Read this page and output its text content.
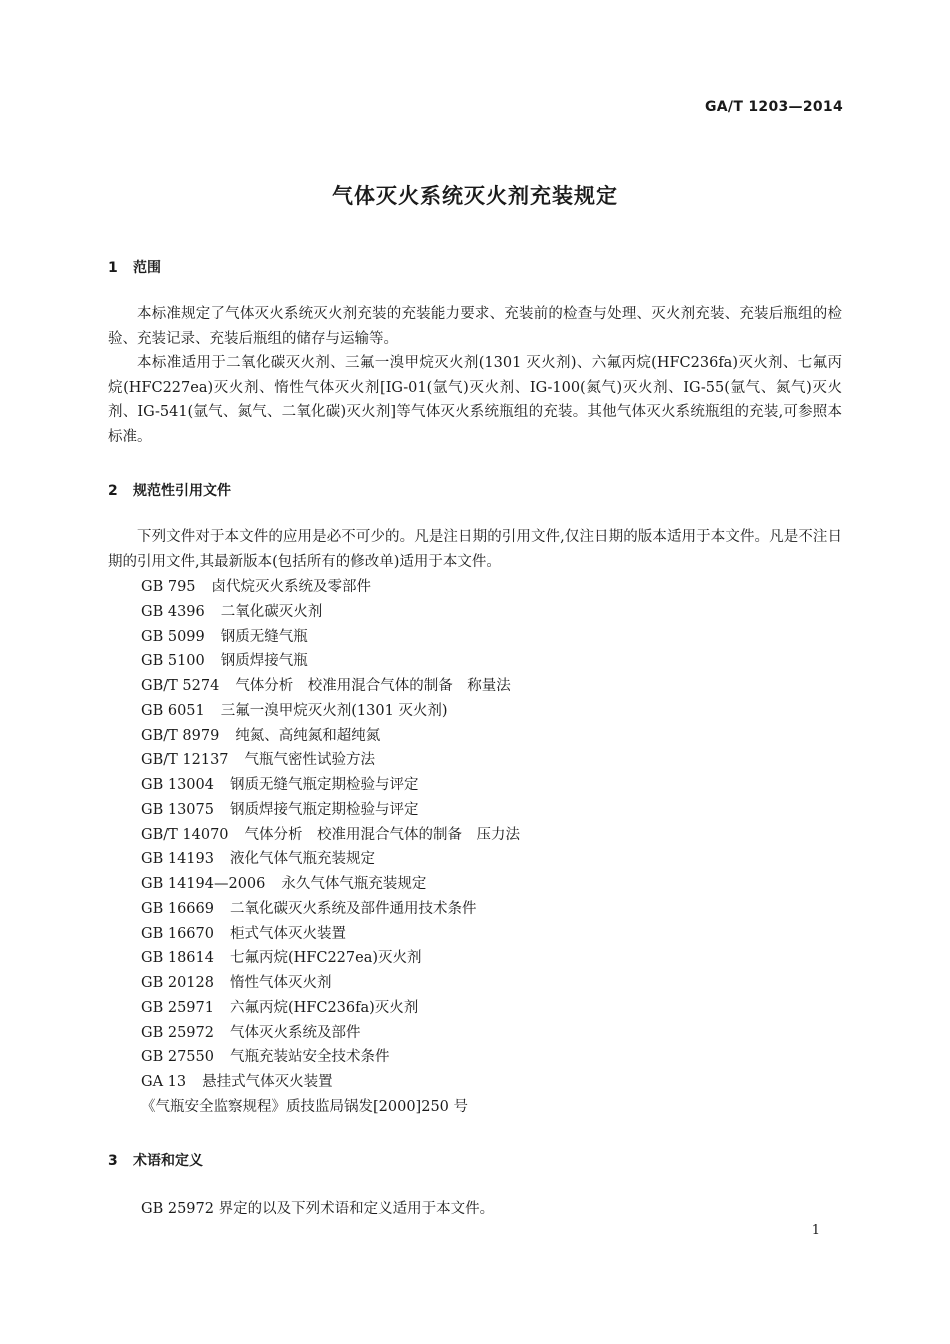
GA/T 1203—2014
气体灭火系统灭火剂充装规定
1 范围

本标准规定了气体灭火系统灭火剂充装的充装能力要求、充装前的检查与处理、灭火剂充装、充装后瓶组的检验、充装记录、充装后瓶组的储存与运输等。

本标准适用于二氧化碳灭火剂、三氟一溴甲烷灭火剂(1301 灭火剂)、六氟丙烷(HFC236fa)灭火剂、七氟丙烷(HFC227ea)灭火剂、惰性气体灭火剂[IG-01(氩气)灭火剂、IG-100(氮气)灭火剂、IG-55(氩气、氮气)灭火剂、IG-541(氩气、氮气、二氧化碳)灭火剂]等气体灭火系统瓶组的充装。其他气体灭火系统瓶组的充装,可参照本标准。

2 规范性引用文件

下列文件对于本文件的应用是必不可少的。凡是注日期的引用文件,仅注日期的版本适用于本文件。凡是不注日期的引用文件,其最新版本(包括所有的修改单)适用于本文件。

GB 795 卤代烷灭火系统及零部件
GB 4396 二氧化碳灭火剂
GB 5099 钢质无缝气瓶
GB 5100 钢质焊接气瓶
GB/T 5274 气体分析　校准用混合气体的制备　称量法
GB 6051 三氟一溴甲烷灭火剂(1301 灭火剂)
GB/T 8979 纯氮、高纯氮和超纯氮
GB/T 12137 气瓶气密性试验方法
GB 13004 钢质无缝气瓶定期检验与评定
GB 13075 钢质焊接气瓶定期检验与评定
GB/T 14070 气体分析　校准用混合气体的制备　压力法
GB 14193 液化气体气瓶充装规定
GB 14194—2006 永久气体气瓶充装规定
GB 16669 二氧化碳灭火系统及部件通用技术条件
GB 16670 柜式气体灭火装置
GB 18614 七氟丙烷(HFC227ea)灭火剂
GB 20128 惰性气体灭火剂
GB 25971 六氟丙烷(HFC236fa)灭火剂
GB 25972 气体灭火系统及部件
GB 27550 气瓶充装站安全技术条件
GA 13 悬挂式气体灭火装置
《气瓶安全监察规程》质技监局锅发[2000]250 号
3 术语和定义
GB 25972 界定的以及下列术语和定义适用于本文件。
1
